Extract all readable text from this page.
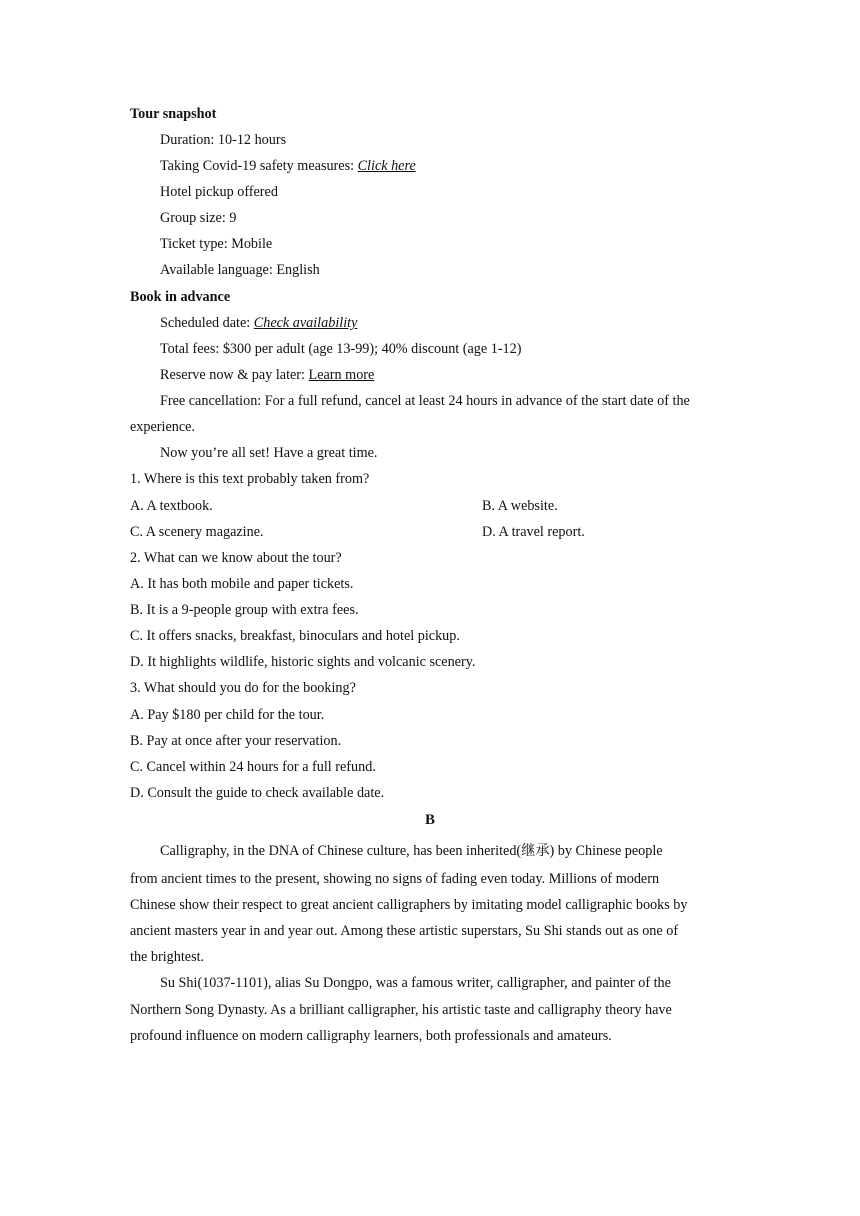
Tour snapshot
Duration: 10-12 hours
Taking Covid-19 safety measures: Click here
Hotel pickup offered
Group size: 9
Ticket type: Mobile
Available language: English
Book in advance
Scheduled date: Check availability
Total fees: $300 per adult (age 13-99); 40% discount (age 1-12)
Reserve now & pay later: Learn more
Free cancellation: For a full refund, cancel at least 24 hours in advance of the start date of the
experience.
Now you’re all set! Have a great time.
1. Where is this text probably taken from?
A. A textbook.	B. A website.
C. A scenery magazine.	D. A travel report.
2. What can we know about the tour?
A. It has both mobile and paper tickets.
B. It is a 9-people group with extra fees.
C. It offers snacks, breakfast, binoculars and hotel pickup.
D. It highlights wildlife, historic sights and volcanic scenery.
3. What should you do for the booking?
A. Pay $180 per child for the tour.
B. Pay at once after your reservation.
C. Cancel within 24 hours for a full refund.
D. Consult the guide to check available date.
B
Calligraphy, in the DNA of Chinese culture, has been inherited(继承) by Chinese people
from ancient times to the present, showing no signs of fading even today. Millions of modern
Chinese show their respect to great ancient calligraphers by imitating model calligraphic books by
ancient masters year in and year out. Among these artistic superstars, Su Shi stands out as one of
the brightest.
Su Shi(1037-1101), alias Su Dongpo, was a famous writer, calligrapher, and painter of the
Northern Song Dynasty. As a brilliant calligrapher, his artistic taste and calligraphy theory have
profound influence on modern calligraphy learners, both professionals and amateurs.
